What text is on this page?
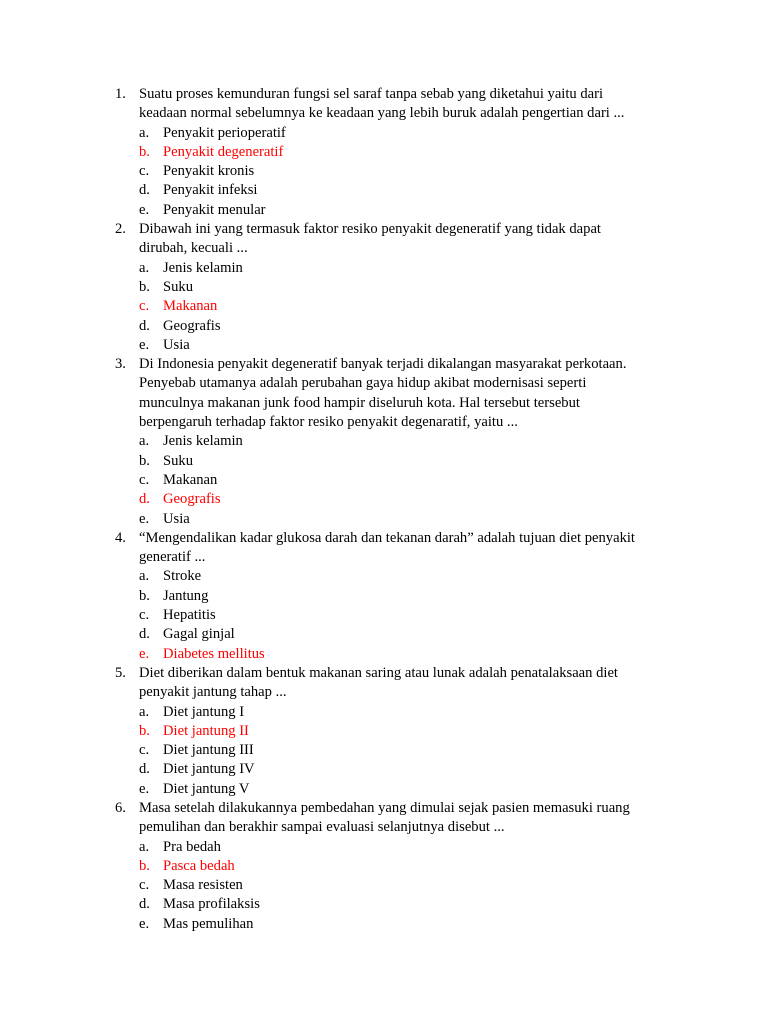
1. Suatu proses kemunduran fungsi sel saraf tanpa sebab yang diketahui yaitu dari
keadaan normal sebelumnya ke keadaan yang lebih buruk adalah pengertian dari ...
a. Penyakit perioperatif
b. Penyakit degeneratif
c. Penyakit kronis
d. Penyakit infeksi
e. Penyakit menular
2. Dibawah ini yang termasuk faktor resiko penyakit degeneratif yang tidak dapat
dirubah, kecuali ...
a. Jenis kelamin
b. Suku
c. Makanan
d. Geografis
e. Usia
3. Di Indonesia penyakit degeneratif banyak terjadi dikalangan masyarakat perkotaan.
Penyebab utamanya adalah perubahan gaya hidup akibat modernisasi seperti
munculnya makanan junk food hampir diseluruh kota. Hal tersebut tersebut
berpengaruh terhadap faktor resiko penyakit degenaratif, yaitu ...
a. Jenis kelamin
b. Suku
c. Makanan
d. Geografis
e. Usia
4. “Mengendalikan kadar glukosa darah dan tekanan darah” adalah tujuan diet penyakit
generatif ...
a. Stroke
b. Jantung
c. Hepatitis
d. Gagal ginjal
e. Diabetes mellitus
5. Diet diberikan dalam bentuk makanan saring atau lunak adalah penatalaksaan diet
penyakit jantung tahap ...
a. Diet jantung I
b. Diet jantung II
c. Diet jantung III
d. Diet jantung IV
e. Diet jantung V
6. Masa setelah dilakukannya pembedahan yang dimulai sejak pasien memasuki ruang
pemulihan dan berakhir sampai evaluasi selanjutnya disebut ...
a. Pra bedah
b. Pasca bedah
c. Masa resisten
d. Masa profilaksis
e. Mas pemulihan
